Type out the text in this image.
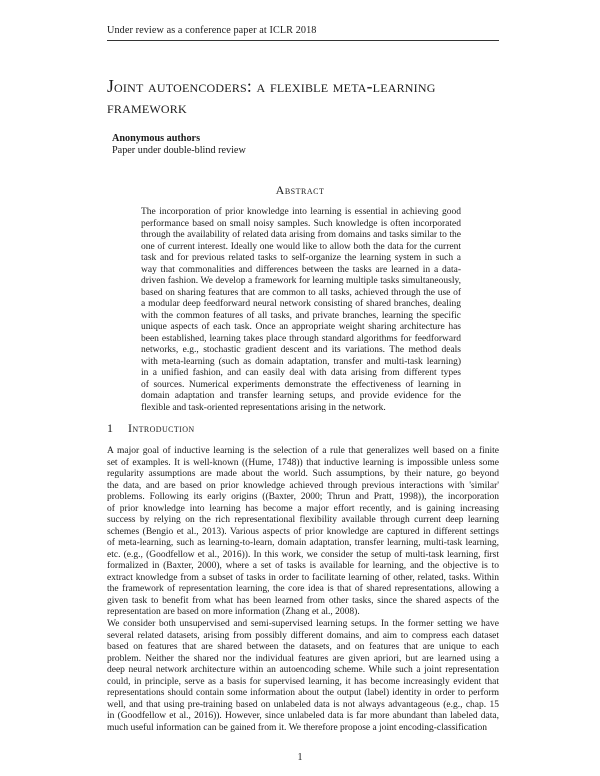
Under review as a conference paper at ICLR 2018
Joint autoencoders: a flexible meta-learning
framework
Anonymous authors
Paper under double-blind review
Abstract
The incorporation of prior knowledge into learning is essential in achieving good
performance based on small noisy samples. Such knowledge is often incorporated
through the availability of related data arising from domains and tasks similar to the
one of current interest. Ideally one would like to allow both the data for the current
task and for previous related tasks to self-organize the learning system in such a
way that commonalities and differences between the tasks are learned in a data-
driven fashion. We develop a framework for learning multiple tasks simultaneously,
based on sharing features that are common to all tasks, achieved through the use of
a modular deep feedforward neural network consisting of shared branches, dealing
with the common features of all tasks, and private branches, learning the specific
unique aspects of each task. Once an appropriate weight sharing architecture has
been established, learning takes place through standard algorithms for feedforward
networks, e.g., stochastic gradient descent and its variations. The method deals
with meta-learning (such as domain adaptation, transfer and multi-task learning)
in a unified fashion, and can easily deal with data arising from different types
of sources. Numerical experiments demonstrate the effectiveness of learning in
domain adaptation and transfer learning setups, and provide evidence for the
flexible and task-oriented representations arising in the network.
1 Introduction
A major goal of inductive learning is the selection of a rule that generalizes well based on a finite
set of examples. It is well-known ((Hume, 1748)) that inductive learning is impossible unless some
regularity assumptions are made about the world. Such assumptions, by their nature, go beyond
the data, and are based on prior knowledge achieved through previous interactions with 'similar'
problems. Following its early origins ((Baxter, 2000; Thrun and Pratt, 1998)), the incorporation
of prior knowledge into learning has become a major effort recently, and is gaining increasing
success by relying on the rich representational flexibility available through current deep learning
schemes (Bengio et al., 2013). Various aspects of prior knowledge are captured in different settings
of meta-learning, such as learning-to-learn, domain adaptation, transfer learning, multi-task learning,
etc. (e.g., (Goodfellow et al., 2016)). In this work, we consider the setup of multi-task learning, first
formalized in (Baxter, 2000), where a set of tasks is available for learning, and the objective is to
extract knowledge from a subset of tasks in order to facilitate learning of other, related, tasks. Within
the framework of representation learning, the core idea is that of shared representations, allowing a
given task to benefit from what has been learned from other tasks, since the shared aspects of the
representation are based on more information (Zhang et al., 2008).
We consider both unsupervised and semi-supervised learning setups. In the former setting we have
several related datasets, arising from possibly different domains, and aim to compress each dataset
based on features that are shared between the datasets, and on features that are unique to each
problem. Neither the shared nor the individual features are given apriori, but are learned using a
deep neural network architecture within an autoencoding scheme. While such a joint representation
could, in principle, serve as a basis for supervised learning, it has become increasingly evident that
representations should contain some information about the output (label) identity in order to perform
well, and that using pre-training based on unlabeled data is not always advantageous (e.g., chap. 15
in (Goodfellow et al., 2016)). However, since unlabeled data is far more abundant than labeled data,
much useful information can be gained from it. We therefore propose a joint encoding-classification
1
